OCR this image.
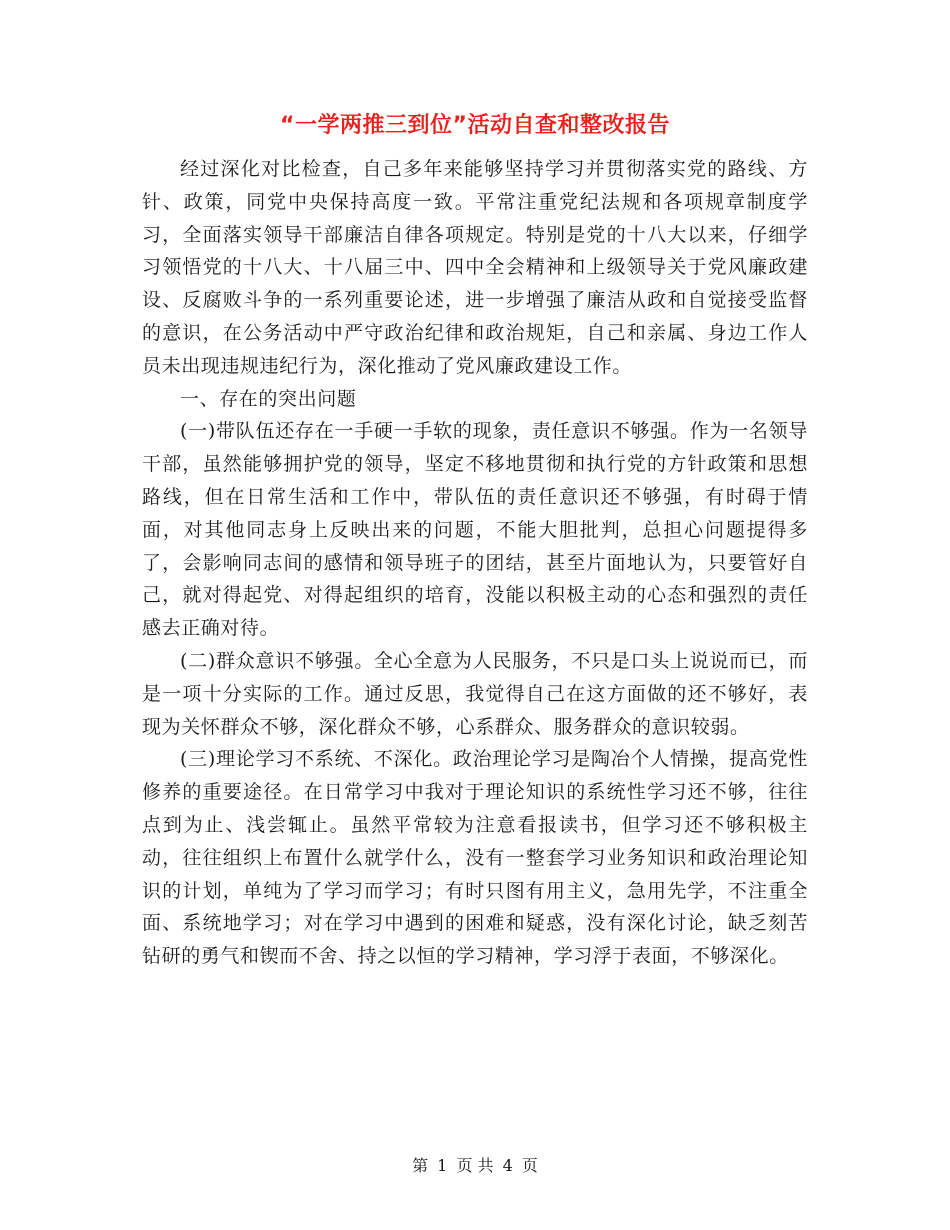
“一学两推三到位”活动自查和整改报告

经过深化对比检查，自己多年来能够坚持学习并贯彻落实党的路线、方针、政策，同党中央保持高度一致。平常注重党纪法规和各项规章制度学习，全面落实领导干部廉洁自律各项规定。特别是党的十八大以来，仔细学习领悟党的十八大、十八届三中、四中全会精神和上级领导关于党风廉政建设、反腐败斗争的一系列重要论述，进一步增强了廉洁从政和自觉接受监督的意识，在公务活动中严守政治纪律和政治规矩，自己和亲属、身边工作人员未出现违规违纪行为，深化推动了党风廉政建设工作。

一、存在的突出问题

(一)带队伍还存在一手硬一手软的现象，责任意识不够强。作为一名领导干部，虽然能够拥护党的领导，坚定不移地贯彻和执行党的方针政策和思想路线，但在日常生活和工作中，带队伍的责任意识还不够强，有时碍于情面，对其他同志身上反映出来的问题，不能大胆批判，总担心问题提得多了，会影响同志间的感情和领导班子的团结，甚至片面地认为，只要管好自己，就对得起党、对得起组织的培育，没能以积极主动的心态和强烈的责任感去正确对待。

(二)群众意识不够强。全心全意为人民服务，不只是口头上说说而已，而是一项十分实际的工作。通过反思，我觉得自己在这方面做的还不够好，表现为关怀群众不够，深化群众不够，心系群众、服务群众的意识较弱。

(三)理论学习不系统、不深化。政治理论学习是陶冶个人情操，提高党性修养的重要途径。在日常学习中我对于理论知识的系统性学习还不够，往往点到为止、浅尝辄止。虽然平常较为注意看报读书，但学习还不够积极主动，往往组织上布置什么就学什么，没有一整套学习业务知识和政治理论知识的计划，单纯为了学习而学习；有时只图有用主义，急用先学，不注重全面、系统地学习；对在学习中遇到的困难和疑惑，没有深化讨论，缺乏刻苦钻研的勇气和锲而不舍、持之以恒的学习精神，学习浮于表面，不够深化。

第 1 页 共 4 页
